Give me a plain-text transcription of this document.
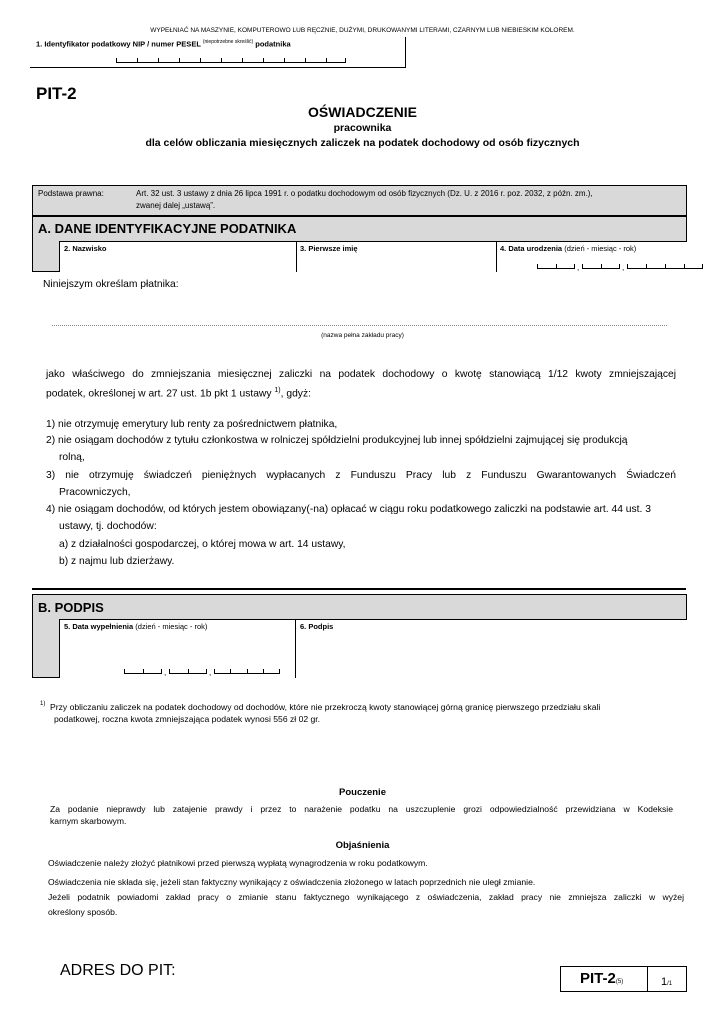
WYPEŁNIAĆ NA MASZYNIE, KOMPUTEROWO LUB RĘCZNIE, DUŻYMI, DRUKOWANYMI LITERAMI, CZARNYM LUB NIEBIESKIM KOLOREM.
1. Identyfikator podatkowy NIP / numer PESEL $^{(niepotrzebne skreślić)}$ podatnika
PIT-2
OŚWIADCZENIE
pracownika
dla celów obliczania miesięcznych zaliczek na podatek dochodowy od osób fizycznych
Podstawa prawna:	Art. 32 ust. 3 ustawy z dnia 26 lipca 1991 r. o podatku dochodowym od osób fizycznych (Dz. U. z 2016 r. poz. 2032, z późn. zm.),
zwanej dalej „ustawą”.
A. DANE IDENTYFIKACYJNE PODATNIKA
2. Nazwisko	3. Pierwsze imię	4. Data urodzenia (dzień - miesiąc - rok)
,	,
Niniejszym określam płatnika:
(nazwa pełna zakładu pracy)
jako właściwego do zmniejszania miesięcznej zaliczki na podatek dochodowy o kwotę stanowiącą 1/12 kwoty zmniejszającej
podatek, określonej w art. 27 ust. 1b pkt 1 ustawy $^{1)}$, gdyż:
1) nie otrzymuję emerytury lub renty za pośrednictwem płatnika,
2) nie osiągam dochodów z tytułu członkostwa w rolniczej spółdzielni produkcyjnej lub innej spółdzielni zajmującej się produkcją
rolną,
3) nie otrzymuję świadczeń pieniężnych wypłacanych z Funduszu Pracy lub z Funduszu Gwarantowanych Świadczeń
Pracowniczych,
4) nie osiągam dochodów, od których jestem obowiązany(-na) opłacać w ciągu roku podatkowego zaliczki na podstawie art. 44 ust. 3
ustawy, tj. dochodów:
a) z działalności gospodarczej, o której mowa w art. 14 ustawy,
b) z najmu lub dzierżawy.
B. PODPIS
5. Data wypełnienia (dzień - miesiąc - rok)
,	,
6. Podpis
1) Przy obliczaniu zaliczek na podatek dochodowy od dochodów, które nie przekroczą kwoty stanowiącej górną granicę pierwszego przedziału skali
podatkowej, roczna kwota zmniejszająca podatek wynosi 556 zł 02 gr.
Pouczenie
Za podanie nieprawdy lub zatajenie prawdy i przez to narażenie podatku na uszczuplenie grozi odpowiedzialność przewidziana w Kodeksie
karnym skarbowym.
Objaśnienia
Oświadczenie należy złożyć płatnikowi przed pierwszą wypłatą wynagrodzenia w roku podatkowym.
Oświadczenia nie składa się, jeżeli stan faktyczny wynikający z oświadczenia złożonego w latach poprzednich nie uległ zmianie.
Jeżeli podatnik powiadomi zakład pracy o zmianie stanu faktycznego wynikającego z oświadczenia, zakład pracy nie zmniejsza zaliczki w wyżej
określony sposób.
ADRES DO PIT:	PIT-2(5)	1/1
